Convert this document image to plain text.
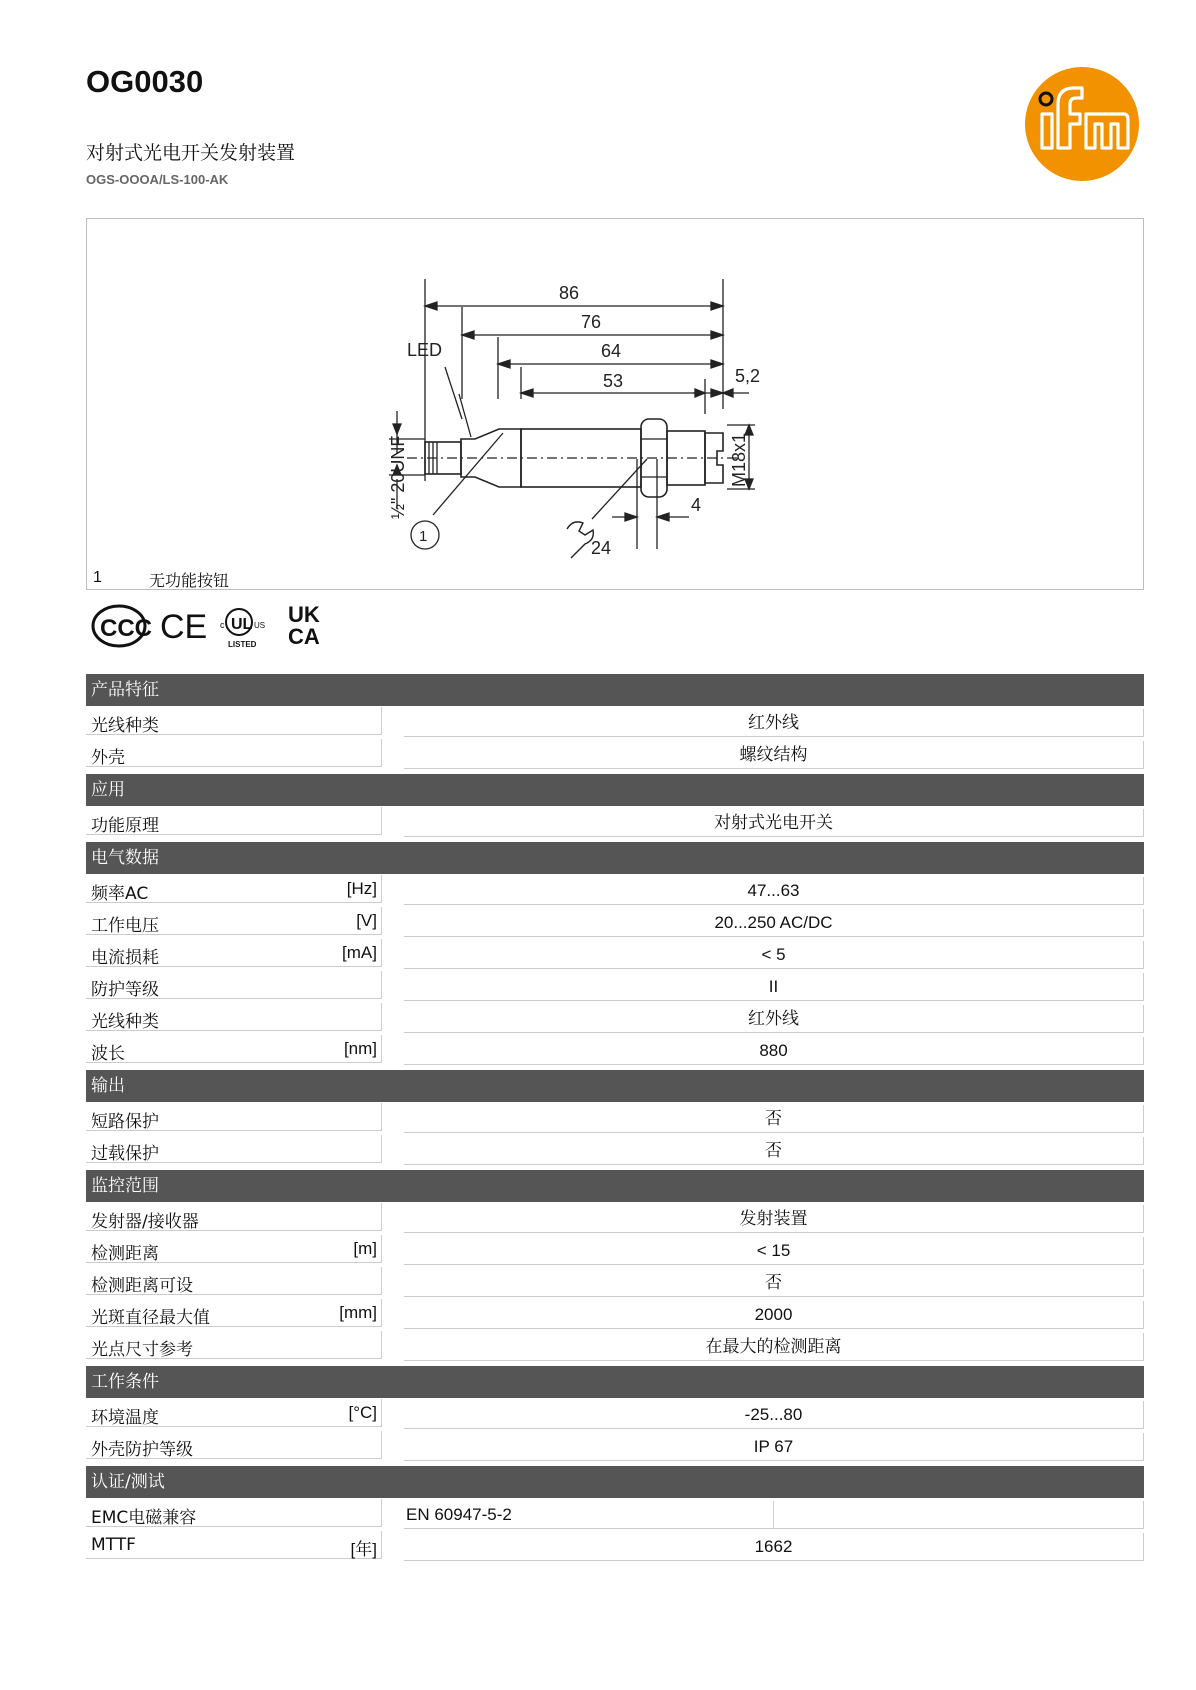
OG0030
对射式光电开关发射装置
OGS-OOOA/LS-100-AK
86
76
64
53	5,2
4
24
LED
1
½" 20UNF	M18x1
1	无功能按钮
CCC CE c UL US
LISTED
UK
CA
产品特征
光线种类	红外线
外壳	螺纹结构
应用
功能原理	对射式光电开关
电气数据
频率AC	[Hz]	47...63
工作电压	[V]	20...250 AC/DC
电流损耗	[mA]	< 5
防护等级	II
光线种类	红外线
波长	[nm]	880
输出
短路保护	否
过载保护	否
监控范围
发射器/接收器	发射装置
检测距离	[m]	< 15
检测距离可设	否
光斑直径最大值	[mm]	2000
光点尺寸参考	在最大的检测距离
工作条件
环境温度	[°C]	-25...80
外壳防护等级	IP 67
认证/测试
EMC电磁兼容	EN 60947-5-2
MTTF	[年]	1662
